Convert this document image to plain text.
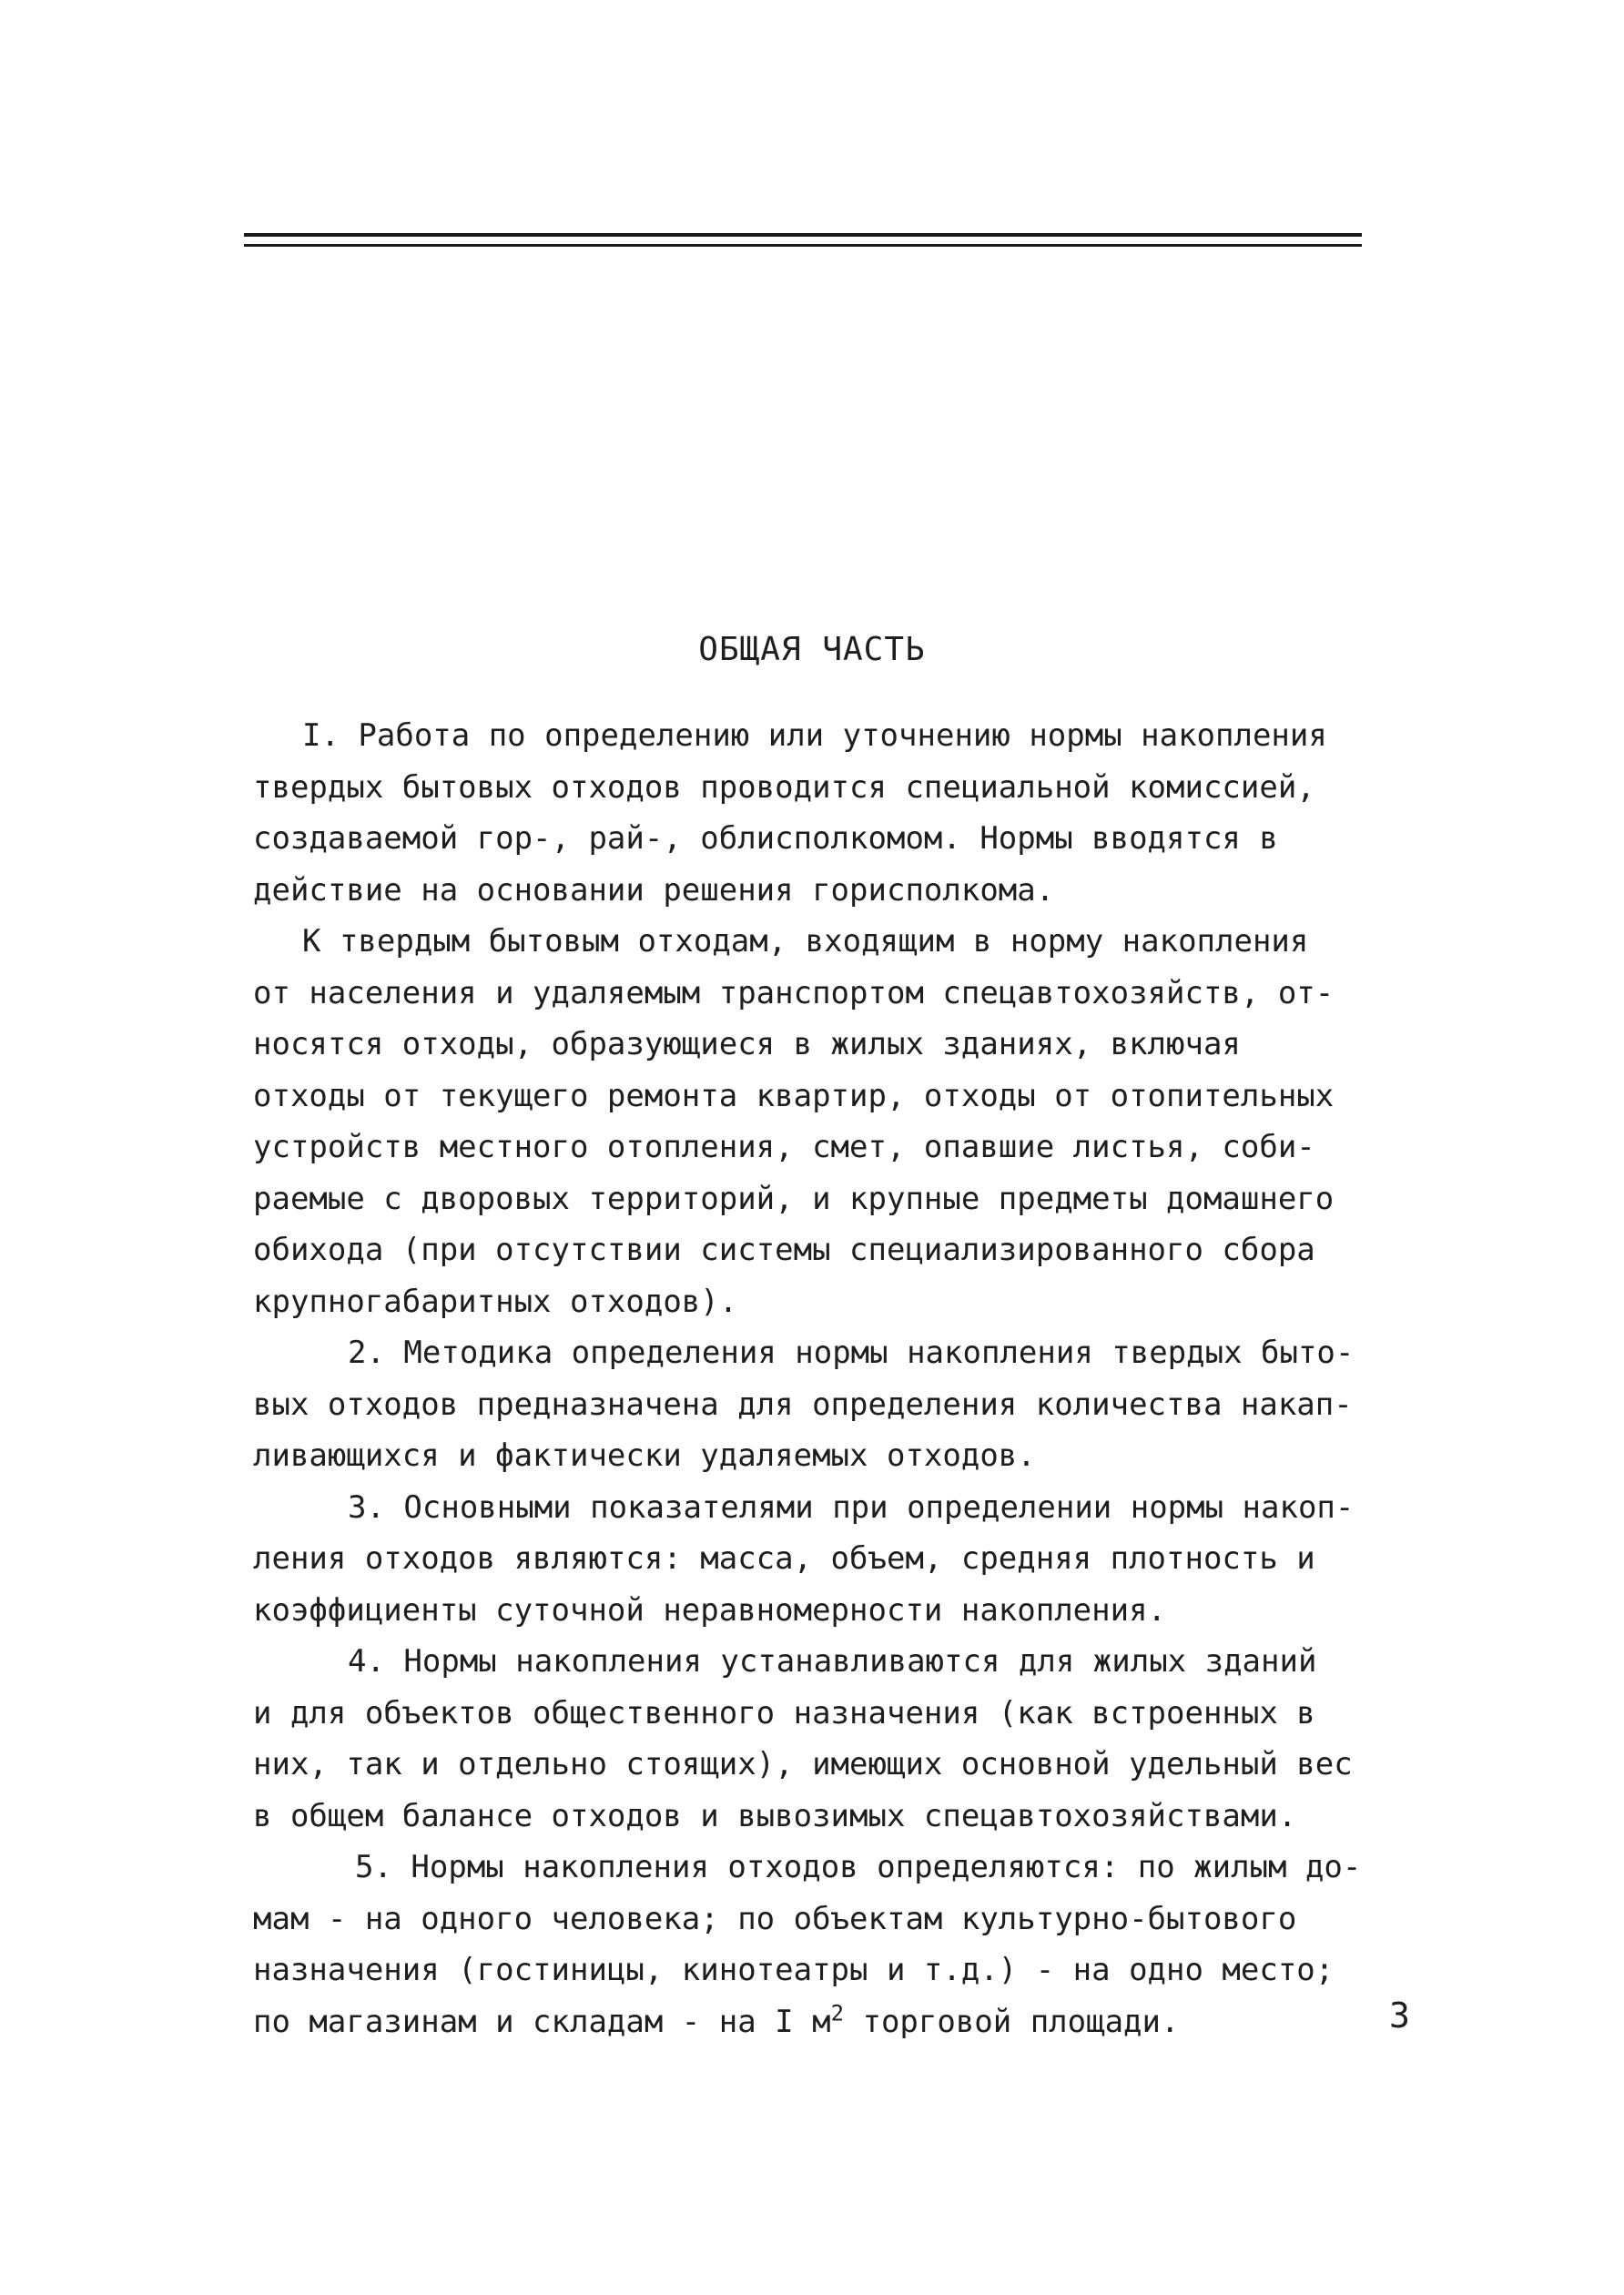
ОБЩАЯ ЧАСТЬ
I. Работа по определению или уточнению нормы накопления
твердых бытовых отходов проводится специальной комиссией,
создаваемой гор-, рай-, облисполкомом. Нормы вводятся в
действие на основании решения горисполкома.
К твердым бытовым отходам, входящим в норму накопления
от населения и удаляемым транспортом спецавтохозяйств, от-
носятся отходы, образующиеся в жилых зданиях, включая
отходы от текущего ремонта квартир, отходы от отопительных
устройств местного отопления, смет, опавшие листья, соби-
раемые с дворовых территорий, и крупные предметы домашнего
обихода (при отсутствии системы специализированного сбора
крупногабаритных отходов).
2. Методика определения нормы накопления твердых быто-
вых отходов предназначена для определения количества накап-
ливающихся и фактически удаляемых отходов.
3. Основными показателями при определении нормы накоп-
ления отходов являются: масса, объем, средняя плотность и
коэффициенты суточной неравномерности накопления.
4. Нормы накопления устанавливаются для жилых зданий
и для объектов общественного назначения (как встроенных в
них, так и отдельно стоящих), имеющих основной удельный вес
в общем балансе отходов и вывозимых спецавтохозяйствами.
5. Нормы накопления отходов определяются: по жилым до-
мам - на одного человека; по объектам культурно-бытового
назначения (гостиницы, кинотеатры и т.д.) - на одно место;
по магазинам и складам - на I $м^2$ торговой площади.	3
